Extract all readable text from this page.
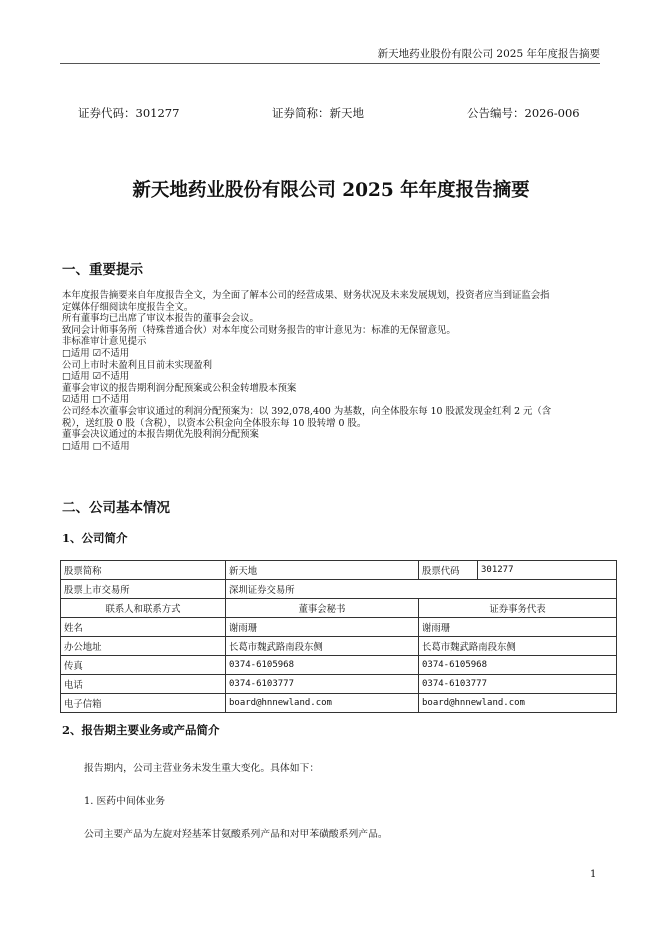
新天地药业股份有限公司 2025 年年度报告摘要
证券代码：301277	证券简称：新天地	公告编号：2026-006
新天地药业股份有限公司 2025 年年度报告摘要
一、重要提示
本年度报告摘要来自年度报告全文，为全面了解本公司的经营成果、财务状况及未来发展规划，投资者应当到证监会指
定媒体仔细阅读年度报告全文。
所有董事均已出席了审议本报告的董事会会议。
致同会计师事务所（特殊普通合伙）对本年度公司财务报告的审计意见为：标准的无保留意见。
非标准审计意见提示
□适用 ☑不适用
公司上市时未盈利且目前未实现盈利
□适用 ☑不适用
董事会审议的报告期利润分配预案或公积金转增股本预案
☑适用 □不适用
公司经本次董事会审议通过的利润分配预案为：以 392,078,400 为基数，向全体股东每 10 股派发现金红利 2 元（含
税），送红股 0 股（含税），以资本公积金向全体股东每 10 股转增 0 股。
董事会决议通过的本报告期优先股利润分配预案
□适用 □不适用
二、公司基本情况
1、公司简介
股票简称	新天地	股票代码	301277
股票上市交易所	深圳证券交易所		
联系人和联系方式	董事会秘书	证券事务代表	
姓名	谢雨珊	谢雨珊	
办公地址	长葛市魏武路南段东侧	长葛市魏武路南段东侧	
传真	0374-6105968	0374-6105968	
电话	0374-6103777	0374-6103777	
电子信箱	board@hnnewland.com	board@hnnewland.com	
2、报告期主要业务或产品简介
报告期内，公司主营业务未发生重大变化。具体如下：
1. 医药中间体业务
公司主要产品为左旋对羟基苯甘氨酸系列产品和对甲苯磺酸系列产品。
1
